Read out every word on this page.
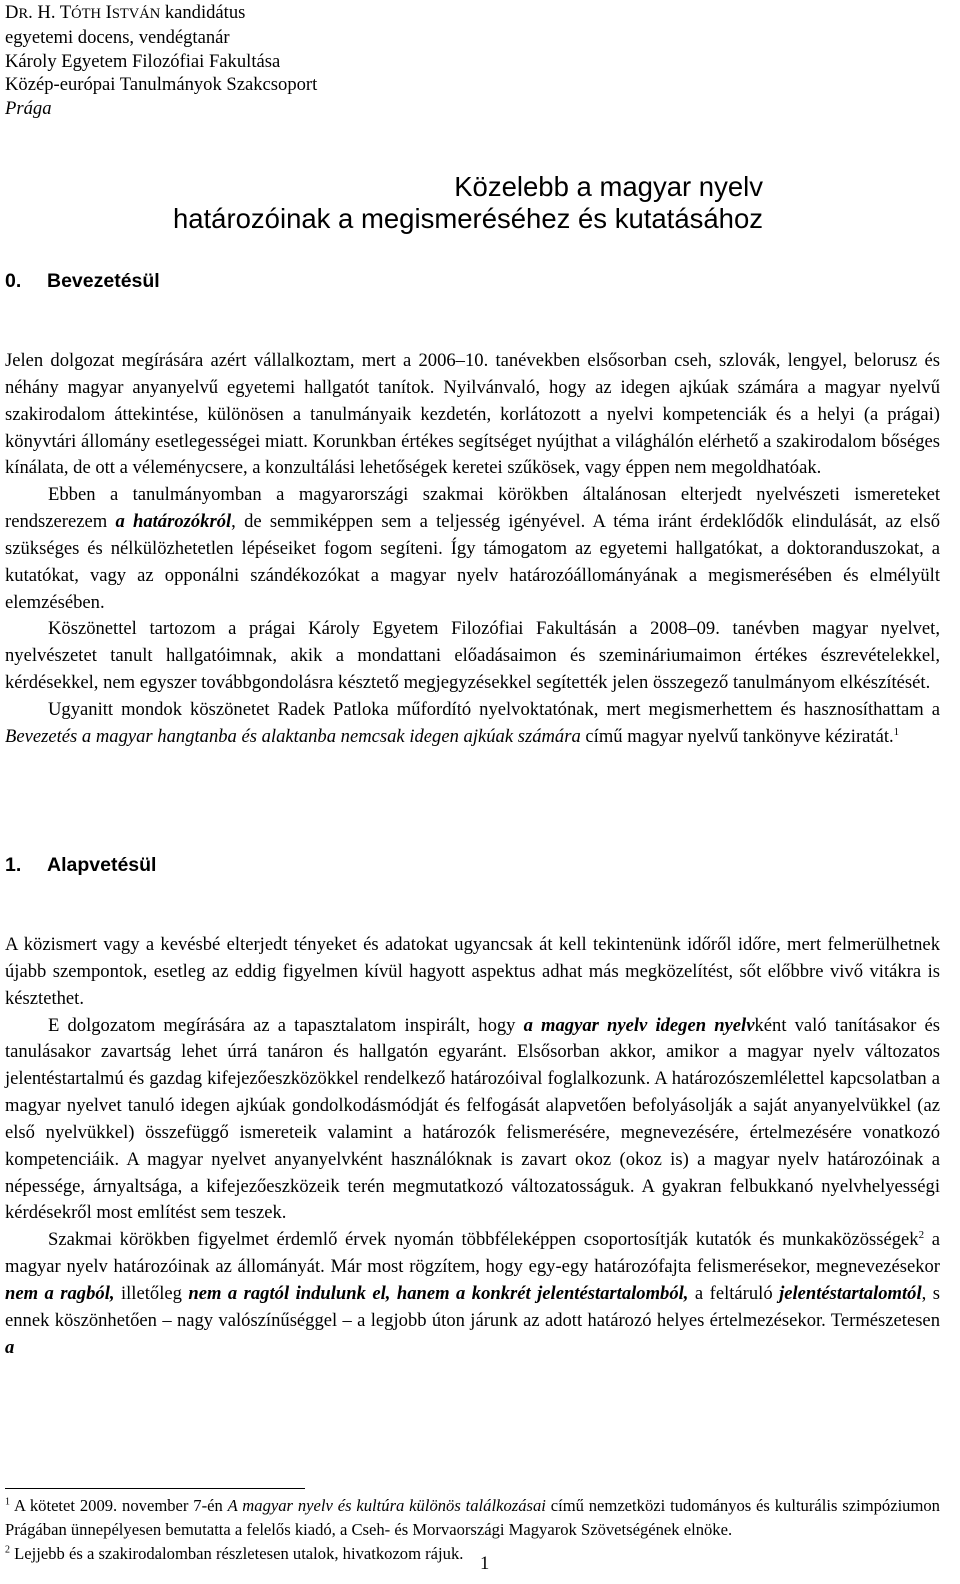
DR. H. TÓTH ISTVÁN kandidátus
egyetemi docens, vendégtanár
Károly Egyetem Filozófiai Fakultása
Közép-európai Tanulmányok Szakcsoport
Prága
Közelebb a magyar nyelv
határozóinak a megismeréséhez és kutatásához
0. Bevezetésül

Jelen dolgozat megírására azért vállalkoztam, mert a 2006–10. tanévekben elsősorban cseh, szlovák, lengyel, belorusz és néhány magyar anyanyelvű egyetemi hallgatót tanítok. Nyilvánvaló, hogy az idegen ajkúak számára a magyar nyelvű szakirodalom áttekintése, különösen a tanulmányaik kezdetén, korlátozott a nyelvi kompetenciák és a helyi (a prágai) könyvtári állomány esetlegességei miatt. Korunkban értékes segítséget nyújthat a világhálón elérhető a szakirodalom bőséges kínálata, de ott a véleménycsere, a konzultálási lehetőségek keretei szűkösek, vagy éppen nem megoldhatóak.

Ebben a tanulmányomban a magyarországi szakmai körökben általánosan elterjedt nyelvészeti ismereteket rendszerezem a határozókról, de semmiképpen sem a teljesség igényével. A téma iránt érdeklődők elindulását, az első szükséges és nélkülözhetetlen lépéseiket fogom segíteni. Így támogatom az egyetemi hallgatókat, a doktoranduszokat, a kutatókat, vagy az opponálni szándékozókat a magyar nyelv határozóállományának a megismerésében és elmélyült elemzésében.

Köszönettel tartozom a prágai Károly Egyetem Filozófiai Fakultásán a 2008–09. tanévben magyar nyelvet, nyelvészetet tanult hallgatóimnak, akik a mondattani előadásaimon és szemináriumaimon értékes észrevételekkel, kérdésekkel, nem egyszer továbbgondolásra késztető megjegyzésekkel segítették jelen összegező tanulmányom elkészítését.

Ugyanitt mondok köszönetet Radek Patloka műfordító nyelvoktatónak, mert megismerhettem és hasznosíthattam a Bevezetés a magyar hangtanba és alaktanba nemcsak idegen ajkúak számára című magyar nyelvű tankönyve kéziratát.$^1$

1. Alapvetésül

A közismert vagy a kevésbé elterjedt tényeket és adatokat ugyancsak át kell tekintenünk időről időre, mert felmerülhetnek újabb szempontok, esetleg az eddig figyelmen kívül hagyott aspektus adhat más megközelítést, sőt előbbre vivő vitákra is késztethet.

E dolgozatom megírására az a tapasztalatom inspirált, hogy a magyar nyelv idegen nyelvként való tanításakor és tanulásakor zavartság lehet úrrá tanáron és hallgatón egyaránt. Elsősorban akkor, amikor a magyar nyelv változatos jelentéstartalmú és gazdag kifejezőeszközökkel rendelkező határozóival foglalkozunk. A határozószemlélettel kapcsolatban a magyar nyelvet tanuló idegen ajkúak gondolkodásmódját és felfogását alapvetően befolyásolják a saját anyanyelvükkel (az első nyelvükkel) összefüggő ismereteik valamint a határozók felismerésére, megnevezésére, értelmezésére vonatkozó kompetenciáik. A magyar nyelvet anyanyelvként használóknak is zavart okoz (okoz is) a magyar nyelv határozóinak a népessége, árnyaltsága, a kifejezőeszközeik terén megmutatkozó változatosságuk. A gyakran felbukkanó nyelvhelyességi kérdésekről most említést sem teszek.

Szakmai körökben figyelmet érdemlő érvek nyomán többféleképpen csoportosítják kutatók és munkaközösségek$^2$ a magyar nyelv határozóinak az állományát. Már most rögzítem, hogy egy-egy határozófajta felismerésekor, megnevezésekor nem a ragból, illetőleg nem a ragtól indulunk el, hanem a konkrét jelentéstartalomból, a feltáruló jelentéstartalomtól, s ennek köszönhetően – nagy valószínűséggel – a legjobb úton járunk az adott határozó helyes értelmezésekor. Természetesen a

$^1$ A kötetet 2009. november 7-én A magyar nyelv és kultúra különös találkozásai című nemzetközi tudományos és kulturális szimpóziumon Prágában ünnepélyesen bemutatta a felelős kiadó, a Cseh- és Morvaországi Magyarok Szövetségének elnöke.

$^2$ Lejjebb és a szakirodalomban részletesen utalok, hivatkozom rájuk. 1
